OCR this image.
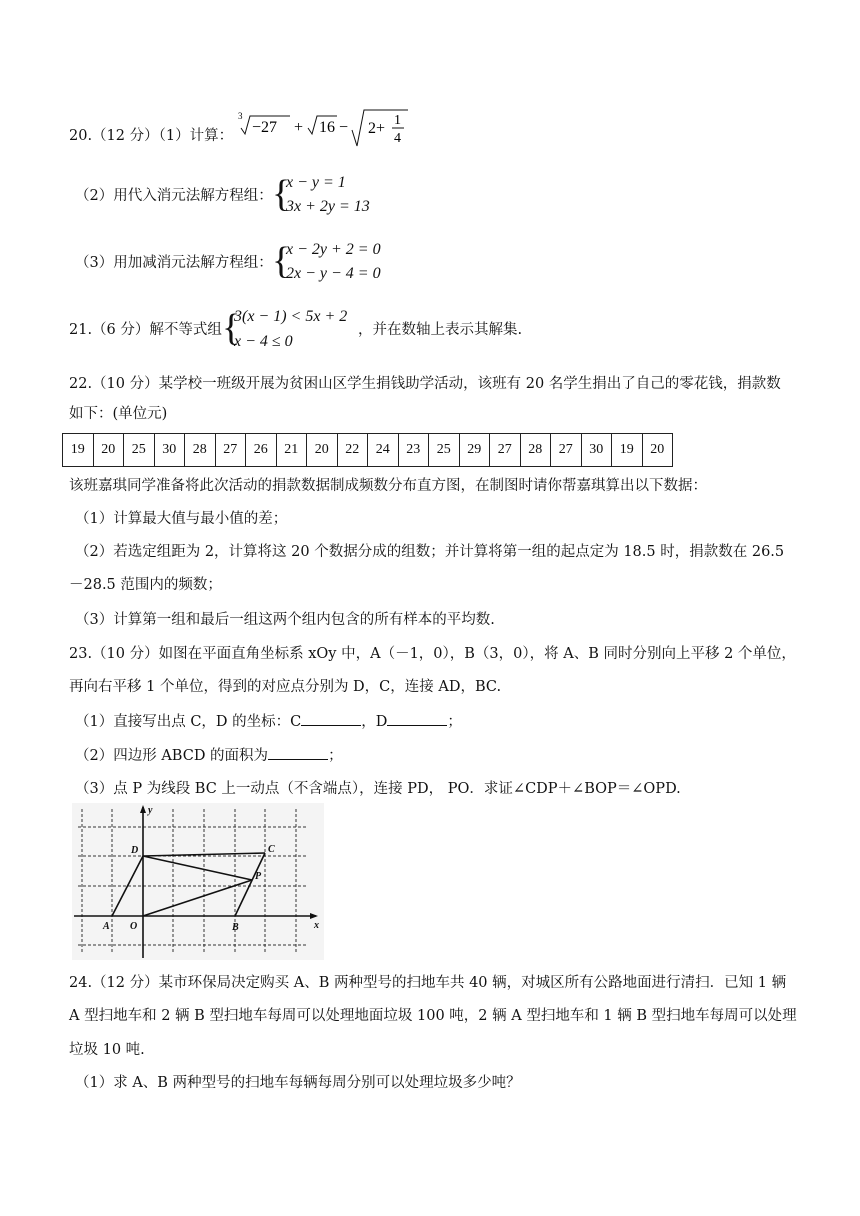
20.（12 分）（1）计算：
3
−27 + 16 − 2+ 1
4
（2）用代入消元法解方程组： {
x − y = 1
3x + 2y = 13
（3）用加减消元法解方程组： {
x − 2y + 2 = 0
2x − y − 4 = 0
21.（6 分）解不等式组 {
3(x − 1) < 5x + 2
x − 4 ≤ 0
，并在数轴上表示其解集.
22.（10 分）某学校一班级开展为贫困山区学生捐钱助学活动，该班有 20 名学生捐出了自己的零花钱，捐款数
如下：(单位元)
19	20	25	30	28	27	26	21	20	22	24	23	25	29	27	28	27	30	19	20
该班嘉琪同学准备将此次活动的捐款数据制成频数分布直方图，在制图时请你帮嘉琪算出以下数据：
（1）计算最大值与最小值的差；
（2）若选定组距为 2，计算将这 20 个数据分成的组数；并计算将第一组的起点定为 18.5 时，捐款数在 26.5
－28.5 范围内的频数；
（3）计算第一组和最后一组这两个组内包含的所有样本的平均数.
23.（10 分）如图在平面直角坐标系 xOy 中，A（－1，0），B（3，0），将 A、B 同时分别向上平移 2 个单位，
再向右平移 1 个单位，得到的对应点分别为 D，C，连接 AD，BC.
（1）直接写出点 C，D 的坐标：C	，D	；
（2）四边形 ABCD 的面积为	；
（3）点 P 为线段 BC 上一动点（不含端点），连接 PD， PO．求证∠CDP＋∠BOP＝∠OPD.
y
x
A O	B
C
D
P
24.（12 分）某市环保局决定购买 A、B 两种型号的扫地车共 40 辆，对城区所有公路地面进行清扫．已知 1 辆
A 型扫地车和 2 辆 B 型扫地车每周可以处理地面垃圾 100 吨，2 辆 A 型扫地车和 1 辆 B 型扫地车每周可以处理
垃圾 10 吨.
（1）求 A、B 两种型号的扫地车每辆每周分别可以处理垃圾多少吨？
